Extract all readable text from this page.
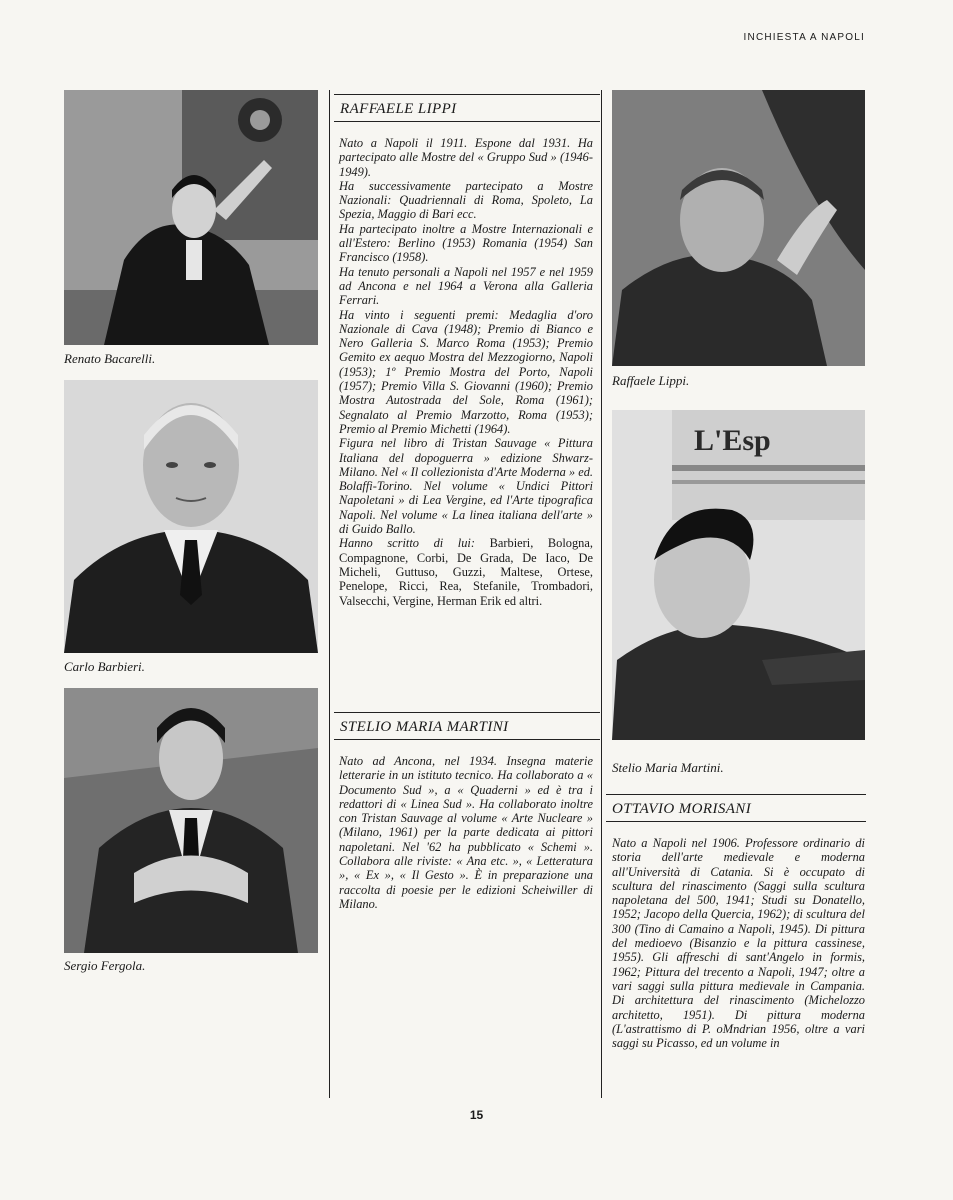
INCHIESTA A NAPOLI
Renato Bacarelli.
Carlo Barbieri.
Sergio Fergola.
RAFFAELE LIPPI

Nato a Napoli il 1911. Espone dal 1931. Ha partecipato alle Mostre del « Gruppo Sud » (1946-1949).

Ha successivamente partecipato a Mostre Nazionali: Quadriennali di Roma, Spoleto, La Spezia, Maggio di Bari ecc.

Ha partecipato inoltre a Mostre Internazionali e all'Estero: Berlino (1953) Romania (1954) San Francisco (1958).

Ha tenuto personali a Napoli nel 1957 e nel 1959 ad Ancona e nel 1964 a Verona alla Galleria Ferrari.

Ha vinto i seguenti premi: Medaglia d'oro Nazionale di Cava (1948); Premio di Bianco e Nero Galleria S. Marco Roma (1953); Premio Gemito ex aequo Mostra del Mezzogiorno, Napoli (1953); 1º Premio Mostra del Porto, Napoli (1957); Premio Villa S. Giovanni (1960); Premio Mostra Autostrada del Sole, Roma (1961); Segnalato al Premio Marzotto, Roma (1953); Premio al Premio Michetti (1964).

Figura nel libro di Tristan Sauvage « Pittura Italiana del dopoguerra » edizione Shwarz-Milano. Nel « Il collezionista d'Arte Moderna » ed. Bolaffi-Torino. Nel volume « Undici Pittori Napoletani » di Lea Vergine, ed l'Arte tipografica Napoli. Nel volume « La linea italiana dell'arte » di Guido Ballo.

Hanno scritto di lui: Barbieri, Bologna, Compagnone, Corbi, De Grada, De Iaco, De Micheli, Guttuso, Guzzi, Maltese, Ortese, Penelope, Ricci, Rea, Stefanile, Trombadori, Valsecchi, Vergine, Herman Erik ed altri.

STELIO MARIA MARTINI

Nato ad Ancona, nel 1934. Insegna materie letterarie in un istituto tecnico. Ha collaborato a « Documento Sud », a « Quaderni » ed è tra i redattori di « Linea Sud ». Ha collaborato inoltre con Tristan Sauvage al volume « Arte Nucleare » (Milano, 1961) per la parte dedicata ai pittori napoletani. Nel '62 ha pubblicato « Schemi ». Collabora alle riviste: « Ana etc. », « Letteratura », « Ex », « Il Gesto ». È in preparazione una raccolta di poesie per le edizioni Scheiwiller di Milano.

Raffaele Lippi.
L'Esp
Stelio Maria Martini.
OTTAVIO MORISANI

Nato a Napoli nel 1906. Professore ordinario di storia dell'arte medievale e moderna all'Università di Catania. Si è occupato di scultura del rinascimento (Saggi sulla scultura napoletana del 500, 1941; Studi su Donatello, 1952; Jacopo della Quercia, 1962); di scultura del 300 (Tino di Camaino a Napoli, 1945). Di pittura del medioevo (Bisanzio e la pittura cassinese, 1955). Gli affreschi di sant'Angelo in formis, 1962; Pittura del trecento a Napoli, 1947; oltre a vari saggi sulla pittura medievale in Campania. Di architettura del rinascimento (Michelozzo architetto, 1951). Di pittura moderna (L'astrattismo di P. oMndrian 1956, oltre a vari saggi su Picasso, ed un volume in

15
